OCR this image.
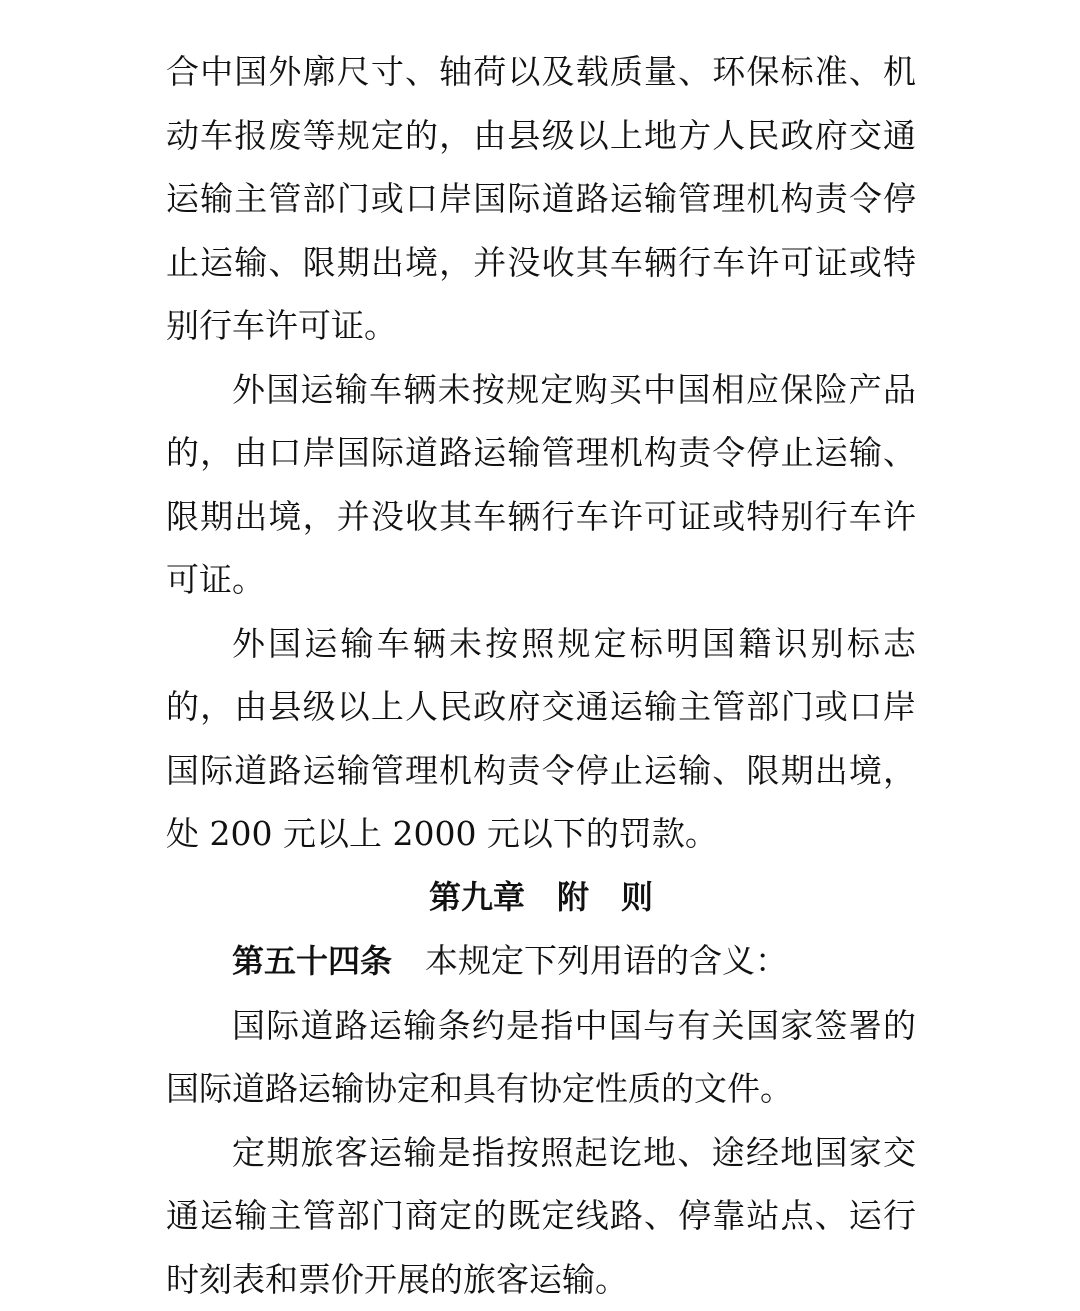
合中国外廓尺寸、轴荷以及载质量、环保标准、机动车报废等规定的，由县级以上地方人民政府交通运输主管部门或口岸国际道路运输管理机构责令停止运输、限期出境，并没收其车辆行车许可证或特别行车许可证。

外国运输车辆未按规定购买中国相应保险产品的，由口岸国际道路运输管理机构责令停止运输、限期出境，并没收其车辆行车许可证或特别行车许可证。

外国运输车辆未按照规定标明国籍识别标志的，由县级以上人民政府交通运输主管部门或口岸国际道路运输管理机构责令停止运输、限期出境，处 200 元以上 2000 元以下的罚款。

第九章　附　则

第五十四条 本规定下列用语的含义：

国际道路运输条约是指中国与有关国家签署的国际道路运输协定和具有协定性质的文件。

定期旅客运输是指按照起讫地、途经地国家交通运输主管部门商定的既定线路、停靠站点、运行时刻表和票价开展的旅客运输。
